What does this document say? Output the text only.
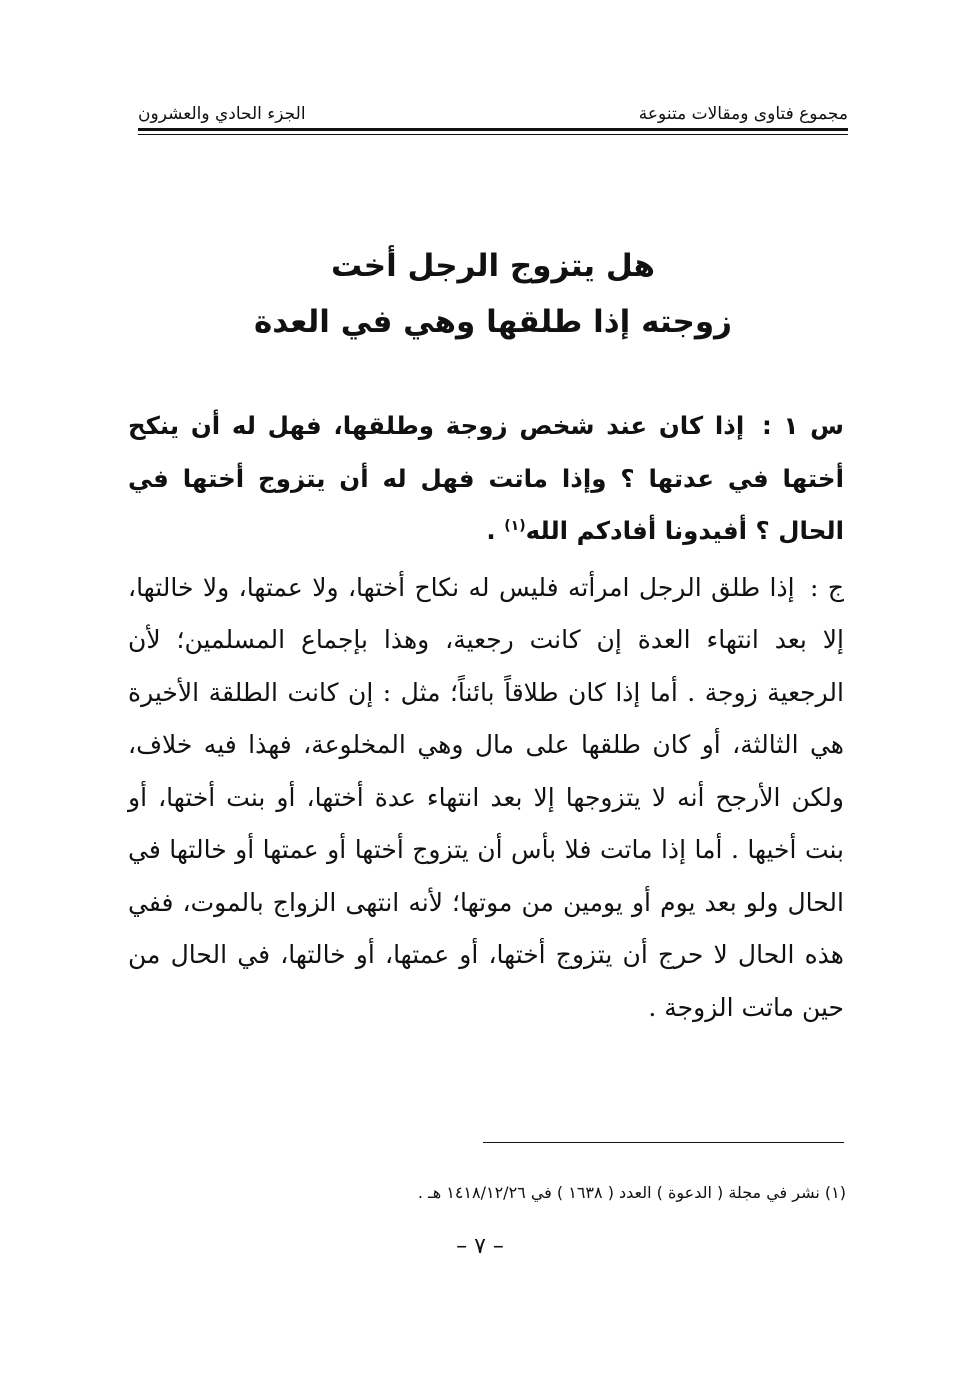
مجموع فتاوى ومقالات متنوعة
الجزء الحادي والعشرون
هل يتزوج الرجل أخت
زوجته إذا طلقها وهي في العدة

س ١ : إذا كان عند شخص زوجة وطلقها، فهل له أن ينكح أختها في عدتها ؟ وإذا ماتت فهل له أن يتزوج أختها في الحال ؟ أفيدونا أفادكم الله$^{(١)}$ .

ج : إذا طلق الرجل امرأته فليس له نكاح أختها، ولا عمتها، ولا خالتها، إلا بعد انتهاء العدة إن كانت رجعية، وهذا بإجماع المسلمين؛ لأن الرجعية زوجة . أما إذا كان طلاقاً بائناً؛ مثل : إن كانت الطلقة الأخيرة هي الثالثة، أو كان طلقها على مال وهي المخلوعة، فهذا فيه خلاف، ولكن الأرجح أنه لا يتزوجها إلا بعد انتهاء عدة أختها، أو بنت أختها، أو بنت أخيها . أما إذا ماتت فلا بأس أن يتزوج أختها أو عمتها أو خالتها في الحال ولو بعد يوم أو يومين من موتها؛ لأنه انتهى الزواج بالموت، ففي هذه الحال لا حرج أن يتزوج أختها، أو عمتها، أو خالتها، في الحال من حين ماتت الزوجة .

(١) نشر في مجلة ( الدعوة ) العدد ( ١٦٣٨ ) في ١٤١٨/١٢/٢٦ هـ .
– ٧ –
